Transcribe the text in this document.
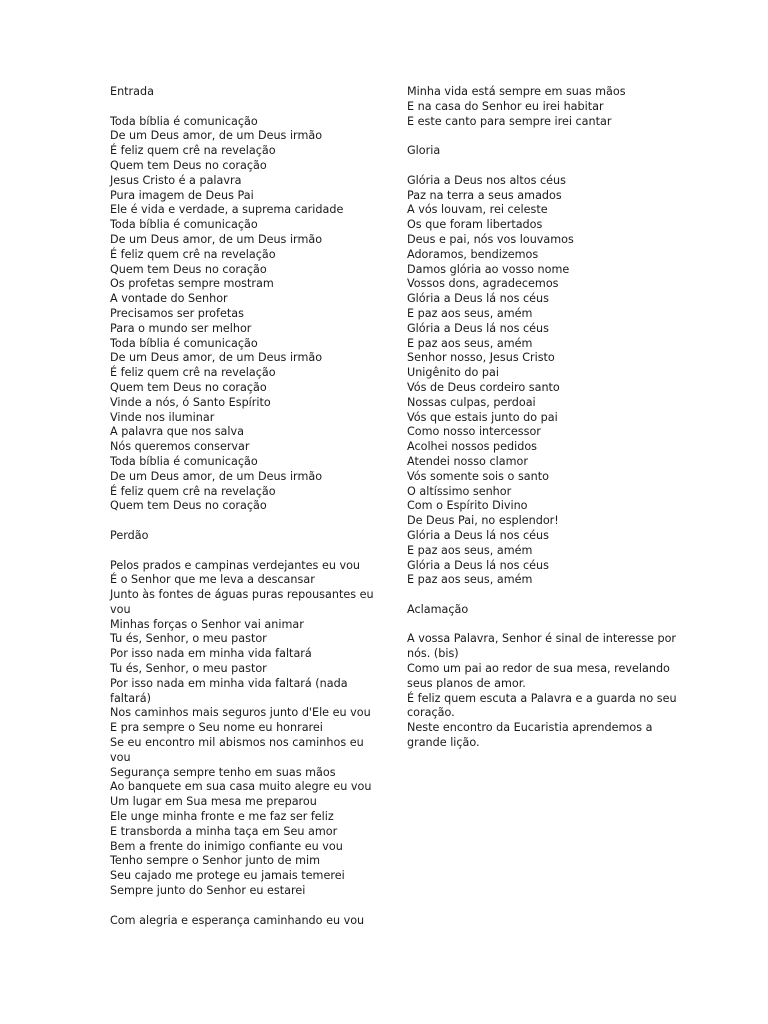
Entrada
Toda bíblia é comunicação
De um Deus amor, de um Deus irmão
É feliz quem crê na revelação
Quem tem Deus no coração
Jesus Cristo é a palavra
Pura imagem de Deus Pai
Ele é vida e verdade, a suprema caridade
Toda bíblia é comunicação
De um Deus amor, de um Deus irmão
É feliz quem crê na revelação
Quem tem Deus no coração
Os profetas sempre mostram
A vontade do Senhor
Precisamos ser profetas
Para o mundo ser melhor
Toda bíblia é comunicação
De um Deus amor, de um Deus irmão
É feliz quem crê na revelação
Quem tem Deus no coração
Vinde a nós, ó Santo Espírito
Vinde nos iluminar
A palavra que nos salva
Nós queremos conservar
Toda bíblia é comunicação
De um Deus amor, de um Deus irmão
É feliz quem crê na revelação
Quem tem Deus no coração
Perdão
Pelos prados e campinas verdejantes eu vou
É o Senhor que me leva a descansar
Junto às fontes de águas puras repousantes eu
vou
Minhas forças o Senhor vai animar
Tu és, Senhor, o meu pastor
Por isso nada em minha vida faltará
Tu és, Senhor, o meu pastor
Por isso nada em minha vida faltará (nada
faltará)
Nos caminhos mais seguros junto d'Ele eu vou
E pra sempre o Seu nome eu honrarei
Se eu encontro mil abismos nos caminhos eu
vou
Segurança sempre tenho em suas mãos
Ao banquete em sua casa muito alegre eu vou
Um lugar em Sua mesa me preparou
Ele unge minha fronte e me faz ser feliz
E transborda a minha taça em Seu amor
Bem a frente do inimigo confiante eu vou
Tenho sempre o Senhor junto de mim
Seu cajado me protege eu jamais temerei
Sempre junto do Senhor eu estarei
Com alegria e esperança caminhando eu vou
Minha vida está sempre em suas mãos
E na casa do Senhor eu irei habitar
E este canto para sempre irei cantar
Gloria
Glória a Deus nos altos céus
Paz na terra a seus amados
A vós louvam, rei celeste
Os que foram libertados
Deus e pai, nós vos louvamos
Adoramos, bendizemos
Damos glória ao vosso nome
Vossos dons, agradecemos
Glória a Deus lá nos céus
E paz aos seus, amém
Glória a Deus lá nos céus
E paz aos seus, amém
Senhor nosso, Jesus Cristo
Unigênito do pai
Vós de Deus cordeiro santo
Nossas culpas, perdoai
Vós que estais junto do pai
Como nosso intercessor
Acolhei nossos pedidos
Atendei nosso clamor
Vós somente sois o santo
O altíssimo senhor
Com o Espírito Divino
De Deus Pai, no esplendor!
Glória a Deus lá nos céus
E paz aos seus, amém
Glória a Deus lá nos céus
E paz aos seus, amém
Aclamação
A vossa Palavra, Senhor é sinal de interesse por
nós. (bis)
Como um pai ao redor de sua mesa, revelando
seus planos de amor.
É feliz quem escuta a Palavra e a guarda no seu
coração.
Neste encontro da Eucaristia aprendemos a
grande lição.
